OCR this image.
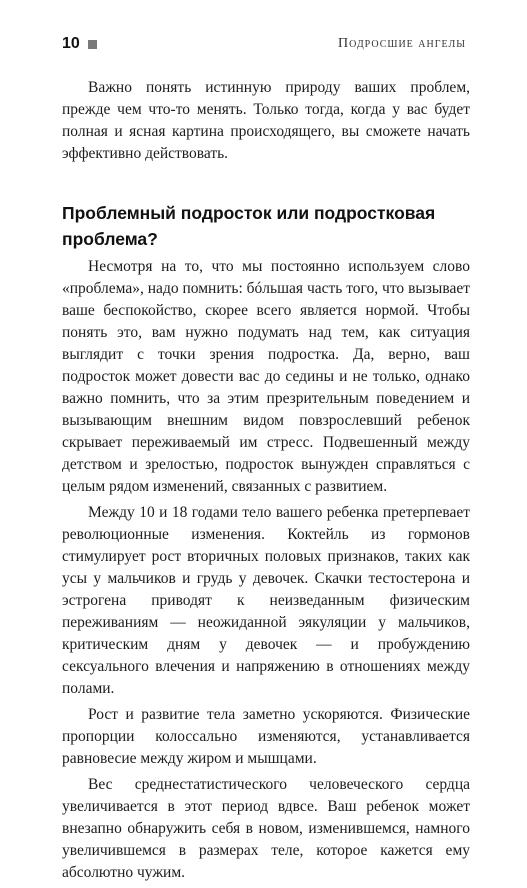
10	Подросшие ангелы

Важно понять истинную природу ваших проблем, прежде чем что-то менять. Только тогда, когда у вас будет полная и ясная картина происходящего, вы сможете начать эффективно действовать.

Проблемный подросток или подростковая проблема?

Несмотря на то, что мы постоянно используем слово «проблема», надо помнить: бóльшая часть того, что вызывает ваше беспокойство, скорее всего является нормой. Чтобы понять это, вам нужно подумать над тем, как ситуация выглядит с точки зрения подростка. Да, верно, ваш подросток может довести вас до седины и не только, однако важно помнить, что за этим презрительным поведением и вызывающим внешним видом повзрослевший ребенок скрывает переживаемый им стресс. Подвешенный между детством и зрелостью, подросток вынужден справляться с целым рядом изменений, связанных с развитием.

Между 10 и 18 годами тело вашего ребенка претерпевает революционные изменения. Коктейль из гормонов стимулирует рост вторичных половых признаков, таких как усы у мальчиков и грудь у девочек. Скачки тестостерона и эстрогена приводят к неизведанным физическим переживаниям — неожиданной эякуляции у мальчиков, критическим дням у девочек — и пробуждению сексуального влечения и напряжению в отношениях между полами.

Рост и развитие тела заметно ускоряются. Физические пропорции колоссально изменяются, устанавливается равновесие между жиром и мышцами.

Вес среднестатистического человеческого сердца увеличивается в этот период вдвсе. Ваш ребенок может внезапно обнаружить себя в новом, изменившемся, намного увеличившемся в размерах теле, которое кажется ему абсолютно чужим.
